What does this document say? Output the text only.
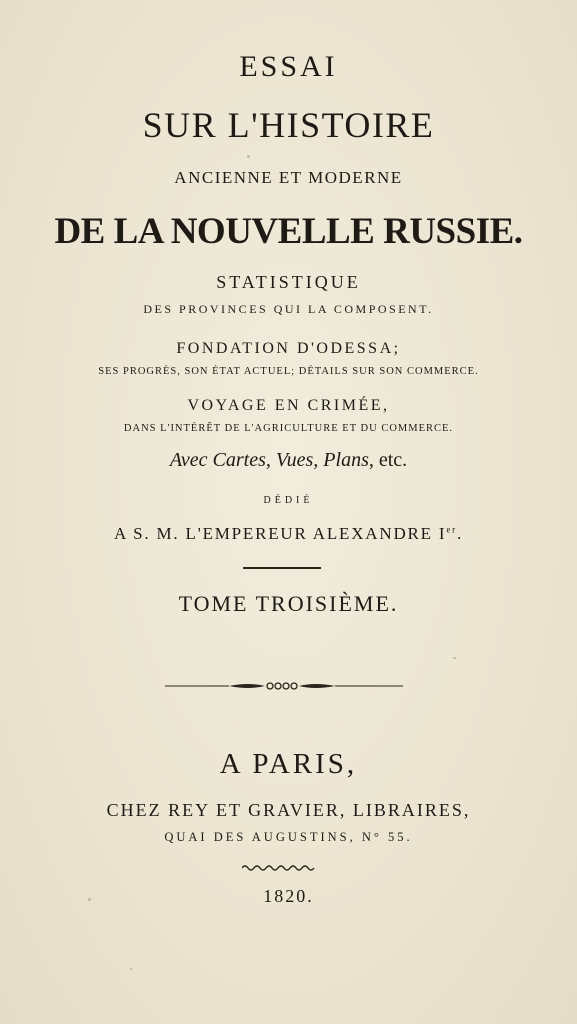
ESSAI
SUR L'HISTOIRE
ANCIENNE ET MODERNE
DE LA NOUVELLE RUSSIE.
STATISTIQUE
DES PROVINCES QUI LA COMPOSENT.
FONDATION D'ODESSA;
SES PROGRÈS, SON ÉTAT ACTUEL; DÉTAILS SUR SON COMMERCE.
VOYAGE EN CRIMÉE,
DANS L'INTÉRÊT DE L'AGRICULTURE ET DU COMMERCE.
Avec Cartes, Vues, Plans, etc.
DÉDIÉ
A S. M. L'EMPEREUR ALEXANDRE Ier.
TOME TROISIÈME.
A PARIS,
CHEZ REY ET GRAVIER, LIBRAIRES,
QUAI DES AUGUSTINS, N° 55.
1820.
